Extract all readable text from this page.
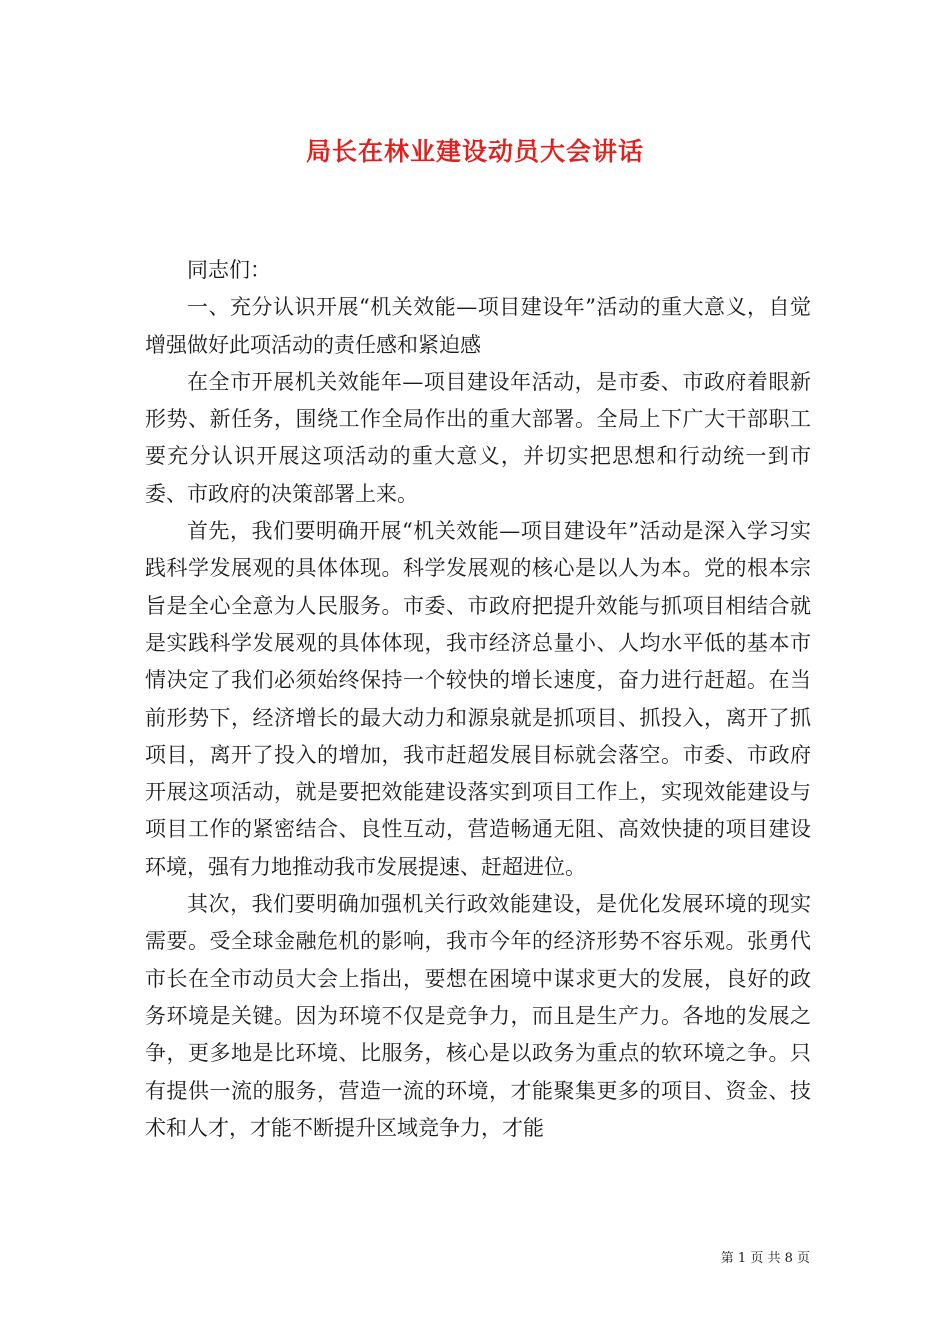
局长在林业建设动员大会讲话

同志们：

一、充分认识开展“机关效能—项目建设年”活动的重大意义，自觉增强做好此项活动的责任感和紧迫感

在全市开展机关效能年—项目建设年活动，是市委、市政府着眼新形势、新任务，围绕工作全局作出的重大部署。全局上下广大干部职工要充分认识开展这项活动的重大意义，并切实把思想和行动统一到市委、市政府的决策部署上来。

首先，我们要明确开展“机关效能—项目建设年”活动是深入学习实践科学发展观的具体体现。科学发展观的核心是以人为本。党的根本宗旨是全心全意为人民服务。市委、市政府把提升效能与抓项目相结合就是实践科学发展观的具体体现，我市经济总量小、人均水平低的基本市情决定了我们必须始终保持一个较快的增长速度，奋力进行赶超。在当前形势下，经济增长的最大动力和源泉就是抓项目、抓投入，离开了抓项目，离开了投入的增加，我市赶超发展目标就会落空。市委、市政府开展这项活动，就是要把效能建设落实到项目工作上，实现效能建设与项目工作的紧密结合、良性互动，营造畅通无阻、高效快捷的项目建设环境，强有力地推动我市发展提速、赶超进位。

其次，我们要明确加强机关行政效能建设，是优化发展环境的现实需要。受全球金融危机的影响，我市今年的经济形势不容乐观。张勇代市长在全市动员大会上指出，要想在困境中谋求更大的发展，良好的政务环境是关键。因为环境不仅是竞争力，而且是生产力。各地的发展之争，更多地是比环境、比服务，核心是以政务为重点的软环境之争。只有提供一流的服务，营造一流的环境，才能聚集更多的项目、资金、技术和人才，才能不断提升区域竞争力，才能

第 1 页 共 8 页
